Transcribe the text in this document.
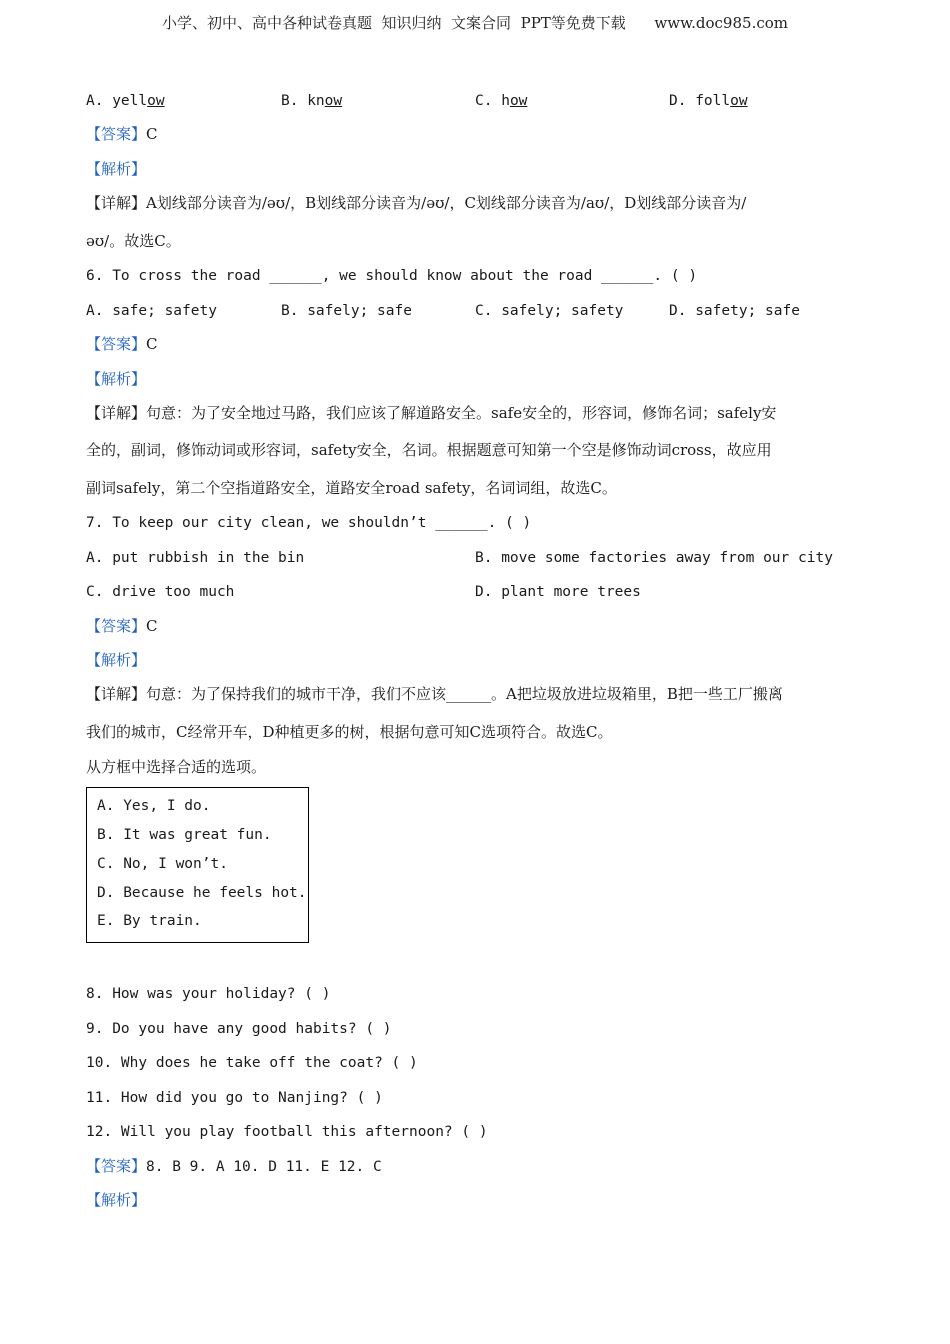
小学、初中、高中各种试卷真题  知识归纳  文案合同  PPT等免费下载      www.doc985.com
A. yellow	B. know	C. how	D. follow
【答案】C
【解析】
【详解】A划线部分读音为/əʊ/，B划线部分读音为/əʊ/，C划线部分读音为/aʊ/，D划线部分读音为/
əʊ/。故选C。
6. To cross the road ______, we should know about the road ______. ( )
A. safe; safety	B. safely; safe	C. safely; safety	D. safety; safe
【答案】C
【解析】
【详解】句意：为了安全地过马路，我们应该了解道路安全。safe安全的，形容词，修饰名词；safely安
全的，副词，修饰动词或形容词，safety安全，名词。根据题意可知第一个空是修饰动词cross，故应用
副词safely，第二个空指道路安全，道路安全road safety，名词词组，故选C。
7. To keep our city clean, we shouldn’t ______. ( )
A. put rubbish in the bin	B. move some factories away from our city
C. drive too much	D. plant more trees
【答案】C
【解析】
【详解】句意：为了保持我们的城市干净，我们不应该______。A把垃圾放进垃圾箱里，B把一些工厂搬离
我们的城市，C经常开车，D种植更多的树，根据句意可知C选项符合。故选C。
从方框中选择合适的选项。
A. Yes, I do.
B. It was great fun.
C. No, I won’t.
D. Because he feels hot.
E. By train.
8. How was your holiday? ( )
9. Do you have any good habits? ( )
10. Why does he take off the coat? ( )
11. How did you go to Nanjing? ( )
12. Will you play football this afternoon? ( )
【答案】8. B 9. A 10. D 11. E 12. C
【解析】
